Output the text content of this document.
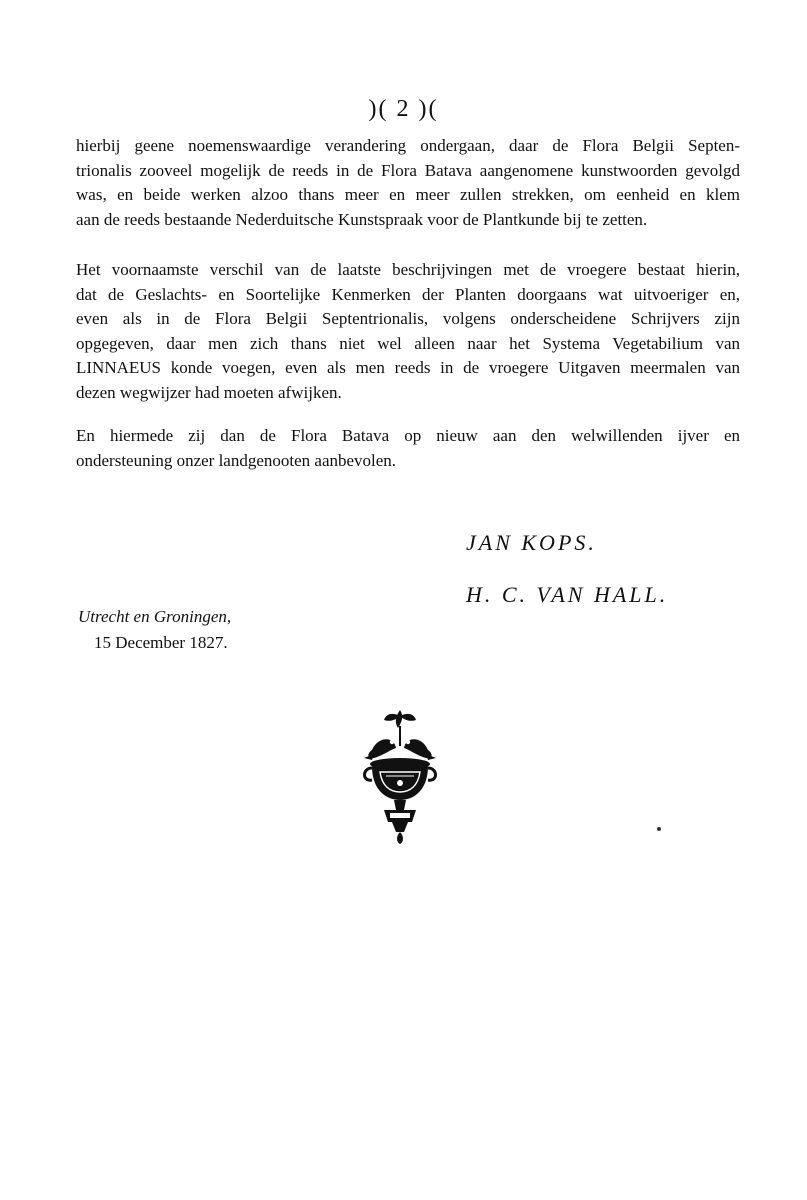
)( 2 )(
hierbij geene noemenswaardige verandering ondergaan, daar de Flora Belgii Septen-
trionalis zooveel mogelijk de reeds in de Flora Batava aangenomene kunstwoorden gevolgd
was, en beide werken alzoo thans meer en meer zullen strekken, om eenheid en klem
aan de reeds bestaande Nederduitsche Kunstspraak voor de Plantkunde bij te zetten.
Het voornaamste verschil van de laatste beschrijvingen met de vroegere bestaat hierin,
dat de Geslachts- en Soortelijke Kenmerken der Planten doorgaans wat uitvoeriger en,
even als in de Flora Belgii Septentrionalis, volgens onderscheidene Schrijvers zijn
opgegeven, daar men zich thans niet wel alleen naar het Systema Vegetabilium van
LINNAEUS konde voegen, even als men reeds in de vroegere Uitgaven meermalen van
dezen wegwijzer had moeten afwijken.
En hiermede zij dan de Flora Batava op nieuw aan den welwillenden ijver en
ondersteuning onzer landgenooten aanbevolen.
JAN KOPS.
H. C. VAN HALL.
Utrecht en Groningen,
15 December 1827.
